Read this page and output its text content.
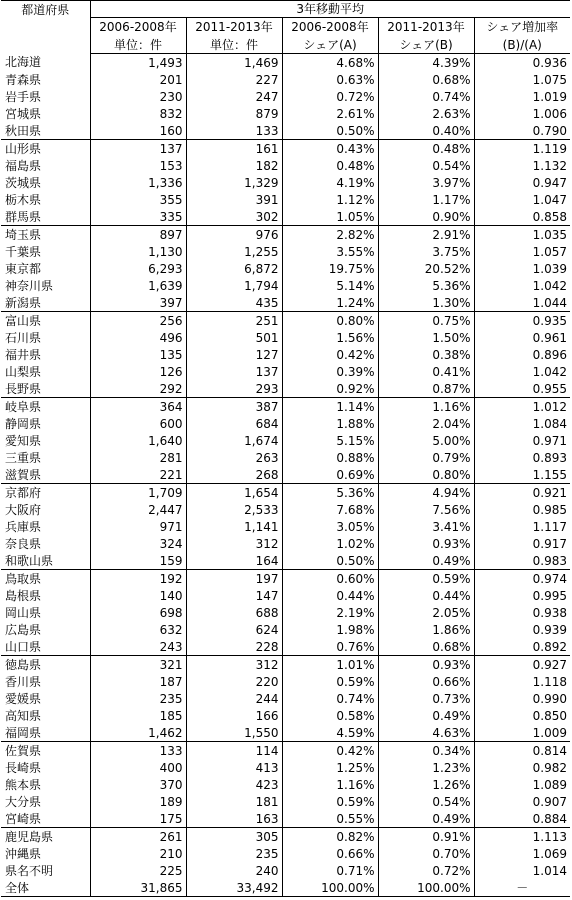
都道府県	3年移動平均				
	2006-2008年	2011-2013年	2006-2008年	2011-2013年	シェア増加率
	単位：件	単位：件	シェア(A)	シェア(B)	(B)/(A)
北海道	1,493	1,469	4.68%	4.39%	0.936
青森県	201	227	0.63%	0.68%	1.075
岩手県	230	247	0.72%	0.74%	1.019
宮城県	832	879	2.61%	2.63%	1.006
秋田県	160	133	0.50%	0.40%	0.790
山形県	137	161	0.43%	0.48%	1.119
福島県	153	182	0.48%	0.54%	1.132
茨城県	1,336	1,329	4.19%	3.97%	0.947
栃木県	355	391	1.12%	1.17%	1.047
群馬県	335	302	1.05%	0.90%	0.858
埼玉県	897	976	2.82%	2.91%	1.035
千葉県	1,130	1,255	3.55%	3.75%	1.057
東京都	6,293	6,872	19.75%	20.52%	1.039
神奈川県	1,639	1,794	5.14%	5.36%	1.042
新潟県	397	435	1.24%	1.30%	1.044
富山県	256	251	0.80%	0.75%	0.935
石川県	496	501	1.56%	1.50%	0.961
福井県	135	127	0.42%	0.38%	0.896
山梨県	126	137	0.39%	0.41%	1.042
長野県	292	293	0.92%	0.87%	0.955
岐阜県	364	387	1.14%	1.16%	1.012
静岡県	600	684	1.88%	2.04%	1.084
愛知県	1,640	1,674	5.15%	5.00%	0.971
三重県	281	263	0.88%	0.79%	0.893
滋賀県	221	268	0.69%	0.80%	1.155
京都府	1,709	1,654	5.36%	4.94%	0.921
大阪府	2,447	2,533	7.68%	7.56%	0.985
兵庫県	971	1,141	3.05%	3.41%	1.117
奈良県	324	312	1.02%	0.93%	0.917
和歌山県	159	164	0.50%	0.49%	0.983
鳥取県	192	197	0.60%	0.59%	0.974
島根県	140	147	0.44%	0.44%	0.995
岡山県	698	688	2.19%	2.05%	0.938
広島県	632	624	1.98%	1.86%	0.939
山口県	243	228	0.76%	0.68%	0.892
徳島県	321	312	1.01%	0.93%	0.927
香川県	187	220	0.59%	0.66%	1.118
愛媛県	235	244	0.74%	0.73%	0.990
高知県	185	166	0.58%	0.49%	0.850
福岡県	1,462	1,550	4.59%	4.63%	1.009
佐賀県	133	114	0.42%	0.34%	0.814
長崎県	400	413	1.25%	1.23%	0.982
熊本県	370	423	1.16%	1.26%	1.089
大分県	189	181	0.59%	0.54%	0.907
宮崎県	175	163	0.55%	0.49%	0.884
鹿児島県	261	305	0.82%	0.91%	1.113
沖縄県	210	235	0.66%	0.70%	1.069
県名不明	225	240	0.71%	0.72%	1.014
全体	31,865	33,492	100.00%	100.00%	－
